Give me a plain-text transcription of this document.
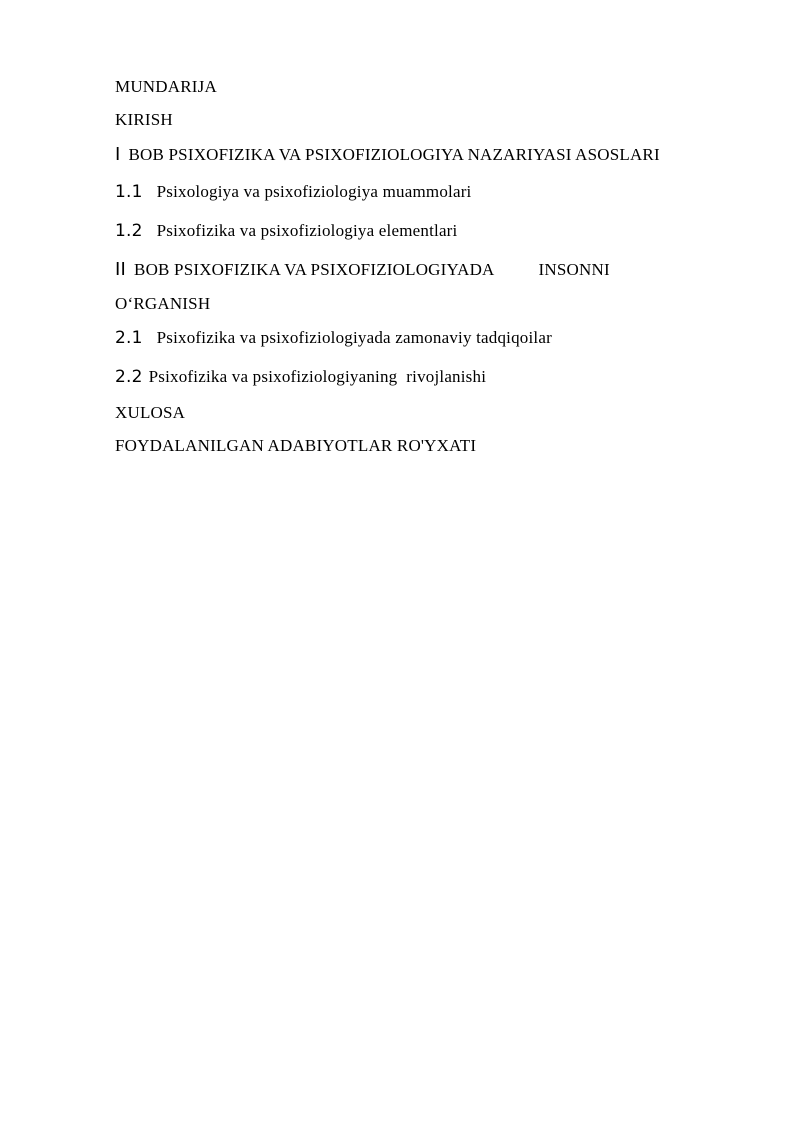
MUNDARIJA
KIRISH
I BOB PSIXOFIZIKA VA PSIXOFIZIOLOGIYA NAZARIYASI ASOSLARI
1.1 Psixologiya va psixofiziologiya muammolari
1.2 Psixofizika va psixofiziologiya elementlari
II BOB PSIXOFIZIKA VA PSIXOFIZIOLOGIYADA	INSONNI
O‘RGANISH
2.1 Psixofizika va psixofiziologiyada zamonaviy tadqiqoilar
2.2 Psixofizika va psixofiziologiyaning  rivojlanishi
XULOSA
FOYDALANILGAN ADABIYOTLAR RO'YXATI
